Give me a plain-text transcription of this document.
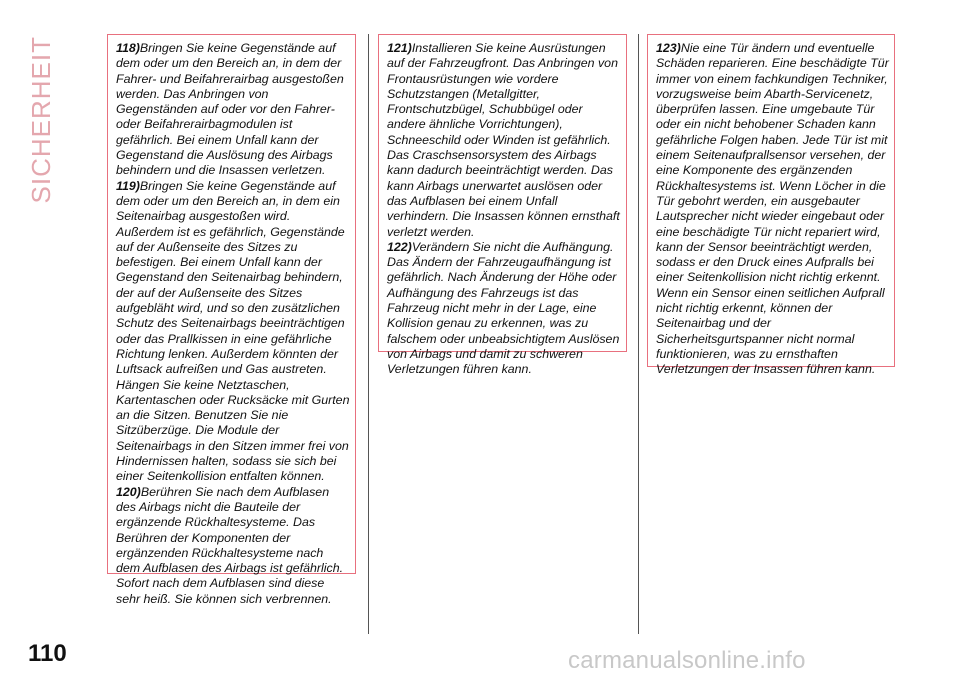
SICHERHEIT	118)Bringen Sie keine Gegenstände auf dem oder um den Bereich an, in dem der Fahrer- und Beifahrerairbag ausgestoßen werden. Das Anbringen von Gegenständen auf oder vor den Fahrer- oder Beifahrerairbagmodulen ist gefährlich. Bei einem Unfall kann der Gegenstand die Auslösung des Airbags behindern und die Insassen verletzen.

119)Bringen Sie keine Gegenstände auf dem oder um den Bereich an, in dem ein Seitenairbag ausgestoßen wird. Außerdem ist es gefährlich, Gegenstände auf der Außenseite des Sitzes zu befestigen. Bei einem Unfall kann der Gegenstand den Seitenairbag behindern, der auf der Außenseite des Sitzes aufgebläht wird, und so den zusätzlichen Schutz des Seitenairbags beeinträchtigen oder das Prallkissen in eine gefährliche Richtung lenken. Außerdem könnten der Luftsack aufreißen und Gas austreten. Hängen Sie keine Netztaschen, Kartentaschen oder Rucksäcke mit Gurten an die Sitzen. Benutzen Sie nie Sitzüberzüge. Die Module der Seitenairbags in den Sitzen immer frei von Hindernissen halten, sodass sie sich bei einer Seitenkollision entfalten können.

120)Berühren Sie nach dem Aufblasen des Airbags nicht die Bauteile der ergänzende Rückhaltesysteme. Das Berühren der Komponenten der ergänzenden Rückhaltesysteme nach dem Aufblasen des Airbags ist gefährlich. Sofort nach dem Aufblasen sind diese sehr heiß. Sie können sich verbrennen.

121)Installieren Sie keine Ausrüstungen auf der Fahrzeugfront. Das Anbringen von Frontausrüstungen wie vordere Schutzstangen (Metallgitter, Frontschutzbügel, Schubbügel oder andere ähnliche Vorrichtungen), Schneeschild oder Winden ist gefährlich. Das Craschsensorsystem des Airbags kann dadurch beeinträchtigt werden. Das kann Airbags unerwartet auslösen oder das Aufblasen bei einem Unfall verhindern. Die Insassen können ernsthaft verletzt werden.

122)Verändern Sie nicht die Aufhängung. Das Ändern der Fahrzeugaufhängung ist gefährlich. Nach Änderung der Höhe oder Aufhängung des Fahrzeugs ist das Fahrzeug nicht mehr in der Lage, eine Kollision genau zu erkennen, was zu falschem oder unbeabsichtigtem Auslösen von Airbags und damit zu schweren Verletzungen führen kann.

123)Nie eine Tür ändern und eventuelle Schäden reparieren. Eine beschädigte Tür immer von einem fachkundigen Techniker, vorzugsweise beim Abarth-Servicenetz, überprüfen lassen. Eine umgebaute Tür oder ein nicht behobener Schaden kann gefährliche Folgen haben. Jede Tür ist mit einem Seitenaufprallsensor versehen, der eine Komponente des ergänzenden Rückhaltesystems ist. Wenn Löcher in die Tür gebohrt werden, ein ausgebauter Lautsprecher nicht wieder eingebaut oder eine beschädigte Tür nicht repariert wird, kann der Sensor beeinträchtigt werden, sodass er den Druck eines Aufpralls bei einer Seitenkollision nicht richtig erkennt. Wenn ein Sensor einen seitlichen Aufprall nicht richtig erkennt, können der Seitenairbag und der Sicherheitsgurtspanner nicht normal funktionieren, was zu ernsthaften Verletzungen der Insassen führen kann.

110	carmanualsonline.info
